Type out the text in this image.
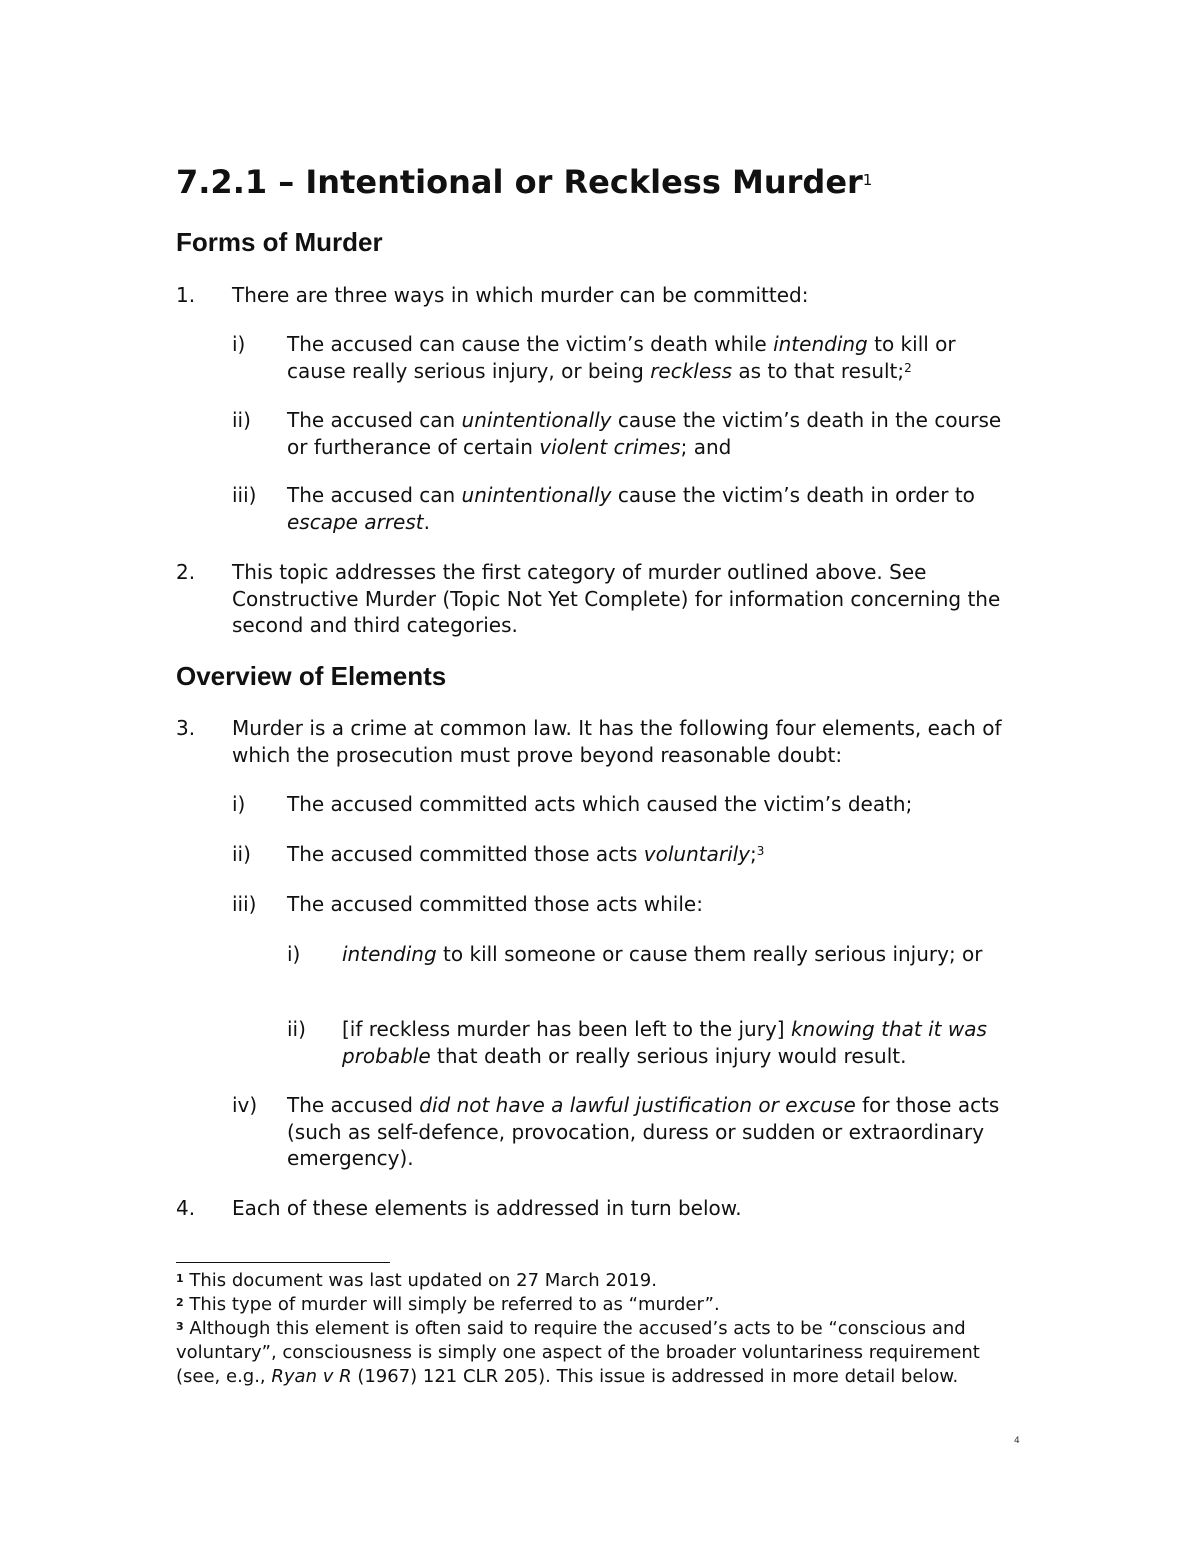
7.2.1 – Intentional or Reckless Murder$^1$
Forms of Murder
1. There are three ways in which murder can be committed:
i) The accused can cause the victim’s death while intending to kill or cause really serious injury, or being reckless as to that result;$^2$
ii) The accused can unintentionally cause the victim’s death in the course or furtherance of certain violent crimes; and
iii) The accused can unintentionally cause the victim’s death in order to escape arrest.
2. This topic addresses the first category of murder outlined above. See Constructive Murder (Topic Not Yet Complete) for information concerning the second and third categories.
Overview of Elements
3. Murder is a crime at common law. It has the following four elements, each of which the prosecution must prove beyond reasonable doubt:
i) The accused committed acts which caused the victim’s death;
ii) The accused committed those acts voluntarily;$^3$
iii) The accused committed those acts while:
i) intending to kill someone or cause them really serious injury; or
ii) [if reckless murder has been left to the jury] knowing that it was probable that death or really serious injury would result.
iv) The accused did not have a lawful justification or excuse for those acts (such as self-defence, provocation, duress or sudden or extraordinary emergency).
4. Each of these elements is addressed in turn below.
$^1$ This document was last updated on 27 March 2019.
$^2$ This type of murder will simply be referred to as “murder”.
$^3$ Although this element is often said to require the accused’s acts to be “conscious and voluntary”, consciousness is simply one aspect of the broader voluntariness requirement (see, e.g., Ryan v R (1967) 121 CLR 205). This issue is addressed in more detail below.
4
